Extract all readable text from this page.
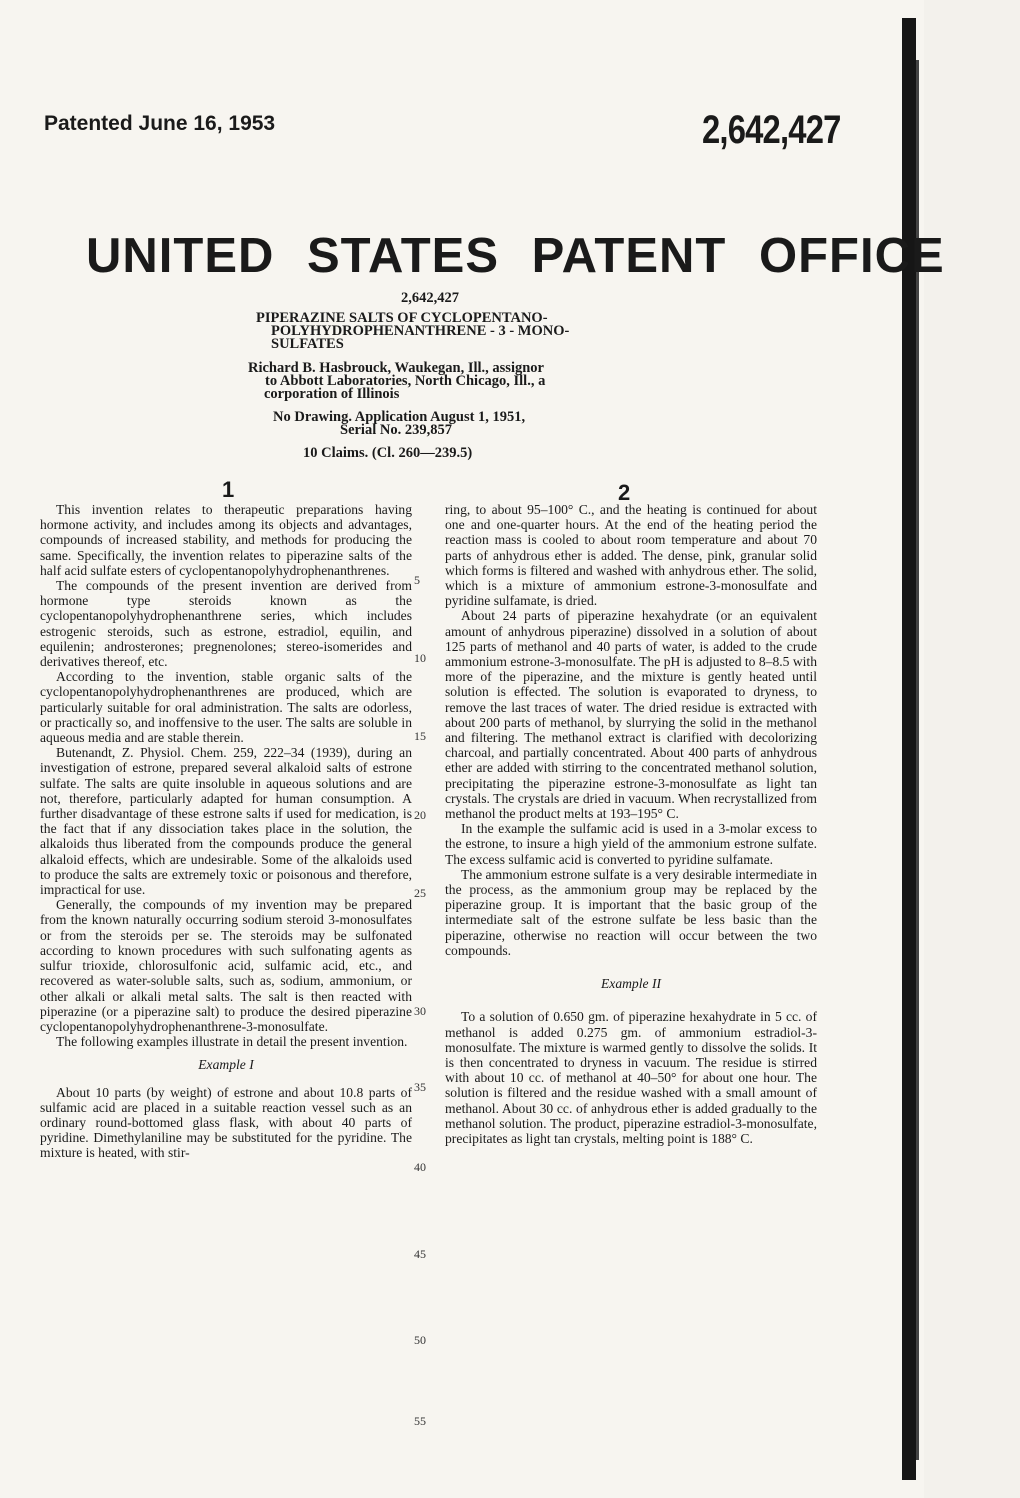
Patented June 16, 1953	2,642,427
UNITED STATES PATENT OFFICE
2,642,427
PIPERAZINE SALTS OF CYCLOPENTANO-
POLYHYDROPHENANTHRENE - 3 - MONO-
SULFATES
Richard B. Hasbrouck, Waukegan, Ill., assignor
to Abbott Laboratories, North Chicago, Ill., a
corporation of Illinois
No Drawing. Application August 1, 1951,
Serial No. 239,857
10 Claims. (Cl. 260—239.5)
1	2

This invention relates to therapeutic preparations having hormone activity, and includes among its objects and advantages, compounds of increased stability, and methods for producing the same. Specifically, the invention relates to piperazine salts of the half acid sulfate esters of cyclopentanopolyhydrophenanthrenes.

The compounds of the present invention are derived from hormone type steroids known as the cyclopentanopolyhydrophenanthrene series, which includes estrogenic steroids, such as estrone, estradiol, equilin, and equilenin; androsterones; pregnenolones; stereo-isomerides and derivatives thereof, etc.

According to the invention, stable organic salts of the cyclopentanopolyhydrophenanthrenes are produced, which are particularly suitable for oral administration. The salts are odorless, or practically so, and inoffensive to the user. The salts are soluble in aqueous media and are stable therein.

Butenandt, Z. Physiol. Chem. 259, 222–34 (1939), during an investigation of estrone, prepared several alkaloid salts of estrone sulfate. The salts are quite insoluble in aqueous solutions and are not, therefore, particularly adapted for human consumption. A further disadvantage of these estrone salts if used for medication, is the fact that if any dissociation takes place in the solution, the alkaloids thus liberated from the compounds produce the general alkaloid effects, which are undesirable. Some of the alkaloids used to produce the salts are extremely toxic or poisonous and therefore, impractical for use.

Generally, the compounds of my invention may be prepared from the known naturally occurring sodium steroid 3-monosulfates or from the steroids per se. The steroids may be sulfonated according to known procedures with such sulfonating agents as sulfur trioxide, chlorosulfonic acid, sulfamic acid, etc., and recovered as water-soluble salts, such as, sodium, ammonium, or other alkali or alkali metal salts. The salt is then reacted with piperazine (or a piperazine salt) to produce the desired piperazine cyclopentanopolyhydrophenanthrene-3-monosulfate.

The following examples illustrate in detail the present invention.

Example I

About 10 parts (by weight) of estrone and about 10.8 parts of sulfamic acid are placed in a suitable reaction vessel such as an ordinary round-bottomed glass flask, with about 40 parts of pyridine. Dimethylaniline may be substituted for the pyridine. The mixture is heated, with stir-

ring, to about 95–100° C., and the heating is continued for about one and one-quarter hours. At the end of the heating period the reaction mass is cooled to about room temperature and about 70 parts of anhydrous ether is added. The dense, pink, granular solid which forms is filtered and washed with anhydrous ether. The solid, which is a mixture of ammonium estrone-3-monosulfate and pyridine sulfamate, is dried.

About 24 parts of piperazine hexahydrate (or an equivalent amount of anhydrous piperazine) dissolved in a solution of about 125 parts of methanol and 40 parts of water, is added to the crude ammonium estrone-3-monosulfate. The pH is adjusted to 8–8.5 with more of the piperazine, and the mixture is gently heated until solution is effected. The solution is evaporated to dryness, to remove the last traces of water. The dried residue is extracted with about 200 parts of methanol, by slurrying the solid in the methanol and filtering. The methanol extract is clarified with decolorizing charcoal, and partially concentrated. About 400 parts of anhydrous ether are added with stirring to the concentrated methanol solution, precipitating the piperazine estrone-3-monosulfate as light tan crystals. The crystals are dried in vacuum. When recrystallized from methanol the product melts at 193–195° C.

In the example the sulfamic acid is used in a 3-molar excess to the estrone, to insure a high yield of the ammonium estrone sulfate. The excess sulfamic acid is converted to pyridine sulfamate.

The ammonium estrone sulfate is a very desirable intermediate in the process, as the ammonium group may be replaced by the piperazine group. It is important that the basic group of the intermediate salt of the estrone sulfate be less basic than the piperazine, otherwise no reaction will occur between the two compounds.

Example II

To a solution of 0.650 gm. of piperazine hexahydrate in 5 cc. of methanol is added 0.275 gm. of ammonium estradiol-3-monosulfate. The mixture is warmed gently to dissolve the solids. It is then concentrated to dryness in vacuum. The residue is stirred with about 10 cc. of methanol at 40–50° for about one hour. The solution is filtered and the residue washed with a small amount of methanol. About 30 cc. of anhydrous ether is added gradually to the methanol solution. The product, piperazine estradiol-3-monosulfate, precipitates as light tan crystals, melting point is 188° C.

5
10
15
20
25
30
35
40
45
50
55
